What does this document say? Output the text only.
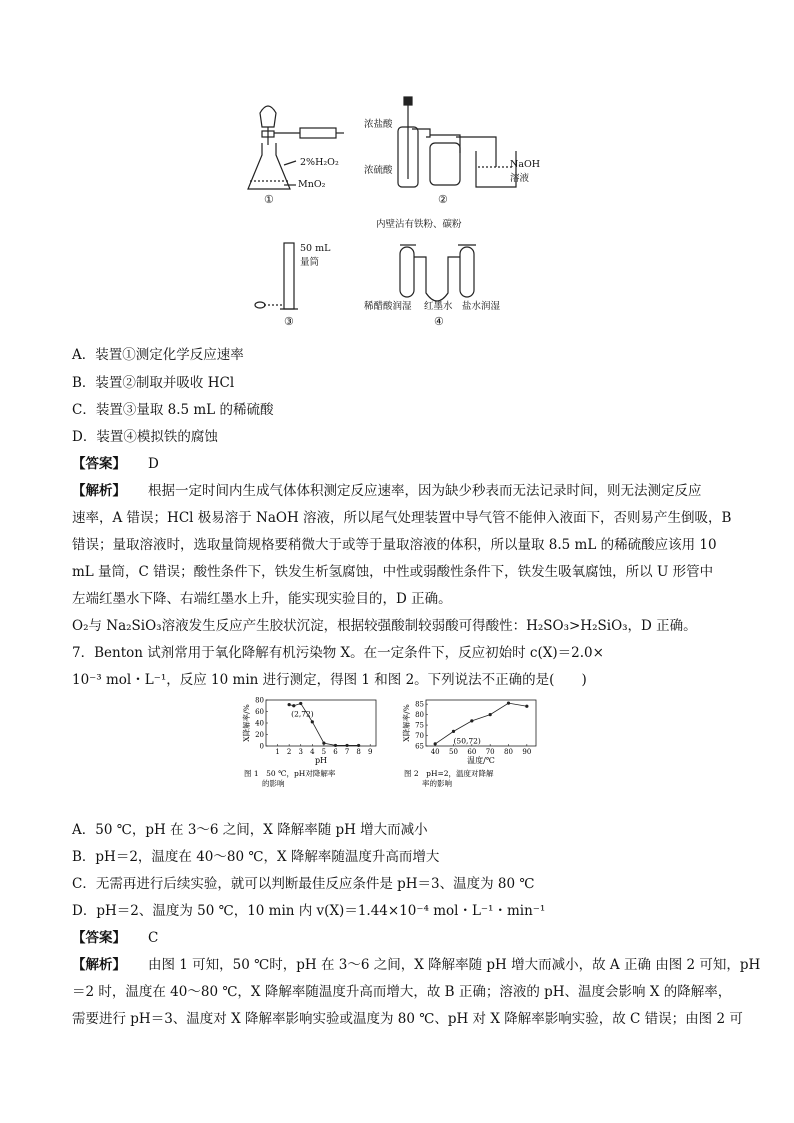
2%H₂O₂
MnO₂
①
浓盐酸
浓硫酸
NaOH
溶液
②
50 mL
量筒
③
内壁沾有铁粉、碳粉
稀醋酸润湿 红墨水 盐水润湿
④
A．装置①测定化学反应速率
B．装置②制取并吸收 HCl
C．装置③量取 8.5 mL 的稀硫酸
D．装置④模拟铁的腐蚀
【答案】 D
【解析】 根据一定时间内生成气体体积测定反应速率，因为缺少秒表而无法记录时间，则无法测定反应
速率，A 错误；HCl 极易溶于 NaOH 溶液，所以尾气处理装置中导气管不能伸入液面下，否则易产生倒吸，B
错误；量取溶液时，选取量筒规格要稍微大于或等于量取溶液的体积，所以量取 8.5 mL 的稀硫酸应该用 10
mL 量筒，C 错误；酸性条件下，铁发生析氢腐蚀，中性或弱酸性条件下，铁发生吸氧腐蚀，所以 U 形管中
左端红墨水下降、右端红墨水上升，能实现实验目的，D 正确。
O₂与 Na₂SiO₃溶液发生反应产生胶状沉淀，根据较强酸制较弱酸可得酸性：H₂SO₃>H₂SiO₃，D 正确。
7．Benton 试剂常用于氧化降解有机污染物 X。在一定条件下，反应初始时 c(X)＝2.0×
10⁻³ mol・L⁻¹，反应 10 min 进行测定，得图 1 和图 2。下列说法不正确的是(　　)
1 2 3 4 5 6 7 8 9
0
20
40
60
80
(2,72)
pH
X降解率/%
图 1　50 ℃，pH对降解率
的影响
40 50 60 70 80 90
65
70
75
80
85
(50,72)
温度/℃
X降解率/%
图 2　pH=2，温度对降解
率的影响
A．50 ℃，pH 在 3～6 之间，X 降解率随 pH 增大而减小
B．pH＝2，温度在 40～80 ℃，X 降解率随温度升高而增大
C．无需再进行后续实验，就可以判断最佳反应条件是 pH＝3、温度为 80 ℃
D．pH＝2、温度为 50 ℃，10 min 内 v(X)＝1.44×10⁻⁴ mol・L⁻¹・min⁻¹
【答案】 C
【解析】 由图 1 可知，50 ℃时，pH 在 3～6 之间，X 降解率随 pH 增大而减小，故 A 正确 由图 2 可知，pH
＝2 时，温度在 40～80 ℃，X 降解率随温度升高而增大，故 B 正确；溶液的 pH、温度会影响 X 的降解率，
需要进行 pH＝3、温度对 X 降解率影响实验或温度为 80 ℃、pH 对 X 降解率影响实验，故 C 错误；由图 2 可
